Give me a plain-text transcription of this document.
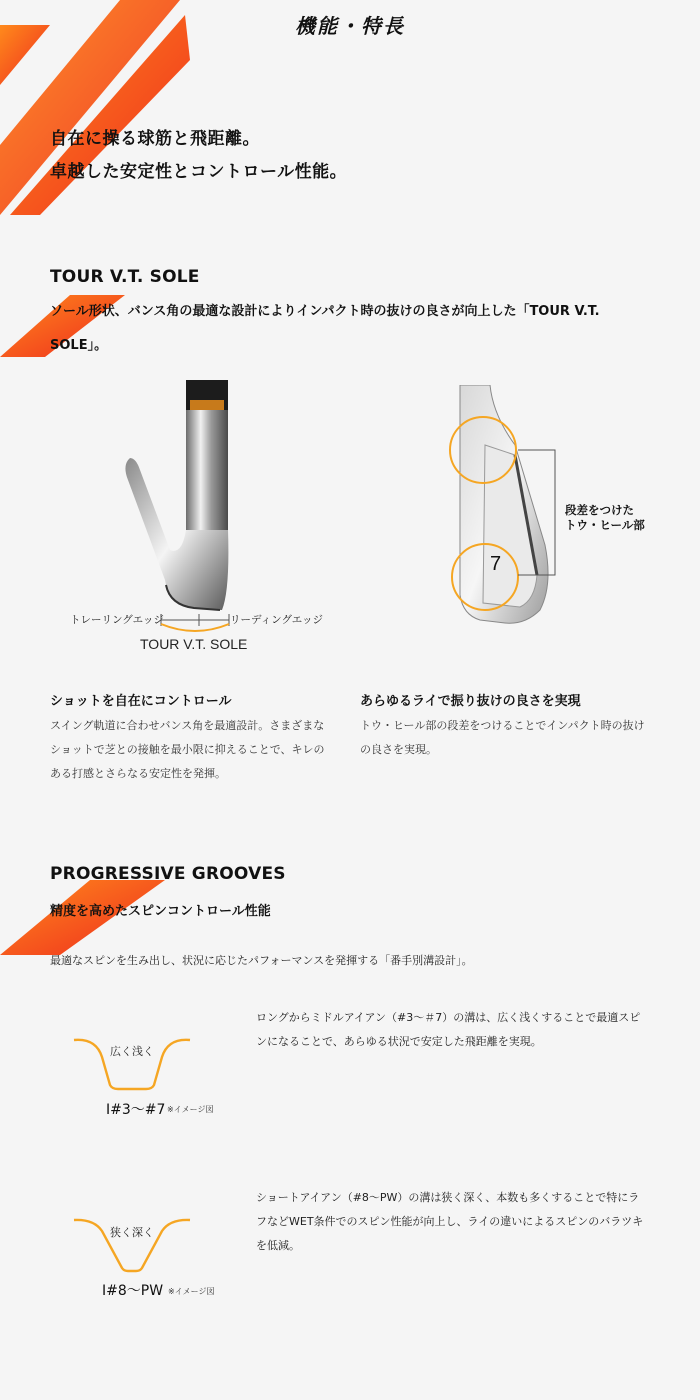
機能・特長
自在に操る球筋と飛距離。
卓越した安定性とコントロール性能。
TOUR V.T. SOLE
ソール形状、バンス角の最適な設計によりインパクト時の抜けの良さが向上した「TOUR V.T. SOLE」。
トレーリングエッジ	リーディングエッジ
TOUR V.T. SOLE
7
段差をつけた
トウ・ヒール部
ショットを自在にコントロール
スイング軌道に合わせバンス角を最適設計。さまざまなショットで芝との接触を最小限に抑えることで、キレのある打感とさらなる安定性を発揮。
あらゆるライで振り抜けの良さを実現
トウ・ヒール部の段差をつけることでインパクト時の抜けの良さを実現。
PROGRESSIVE GROOVES
精度を高めたスピンコントロール性能
最適なスピンを生み出し、状況に応じたパフォーマンスを発揮する「番手別溝設計」。
広く浅く
I#3〜#7 ※イメージ図
ロングからミドルアイアン（#3〜＃7）の溝は、広く浅くすることで最適スピンになることで、あらゆる状況で安定した飛距離を実現。
狭く深く
I#8〜PW ※イメージ図
ショートアイアン（#8〜PW）の溝は狭く深く、本数も多くすることで特にラフなどWET条件でのスピン性能が向上し、ライの違いによるスピンのバラツキを低減。
